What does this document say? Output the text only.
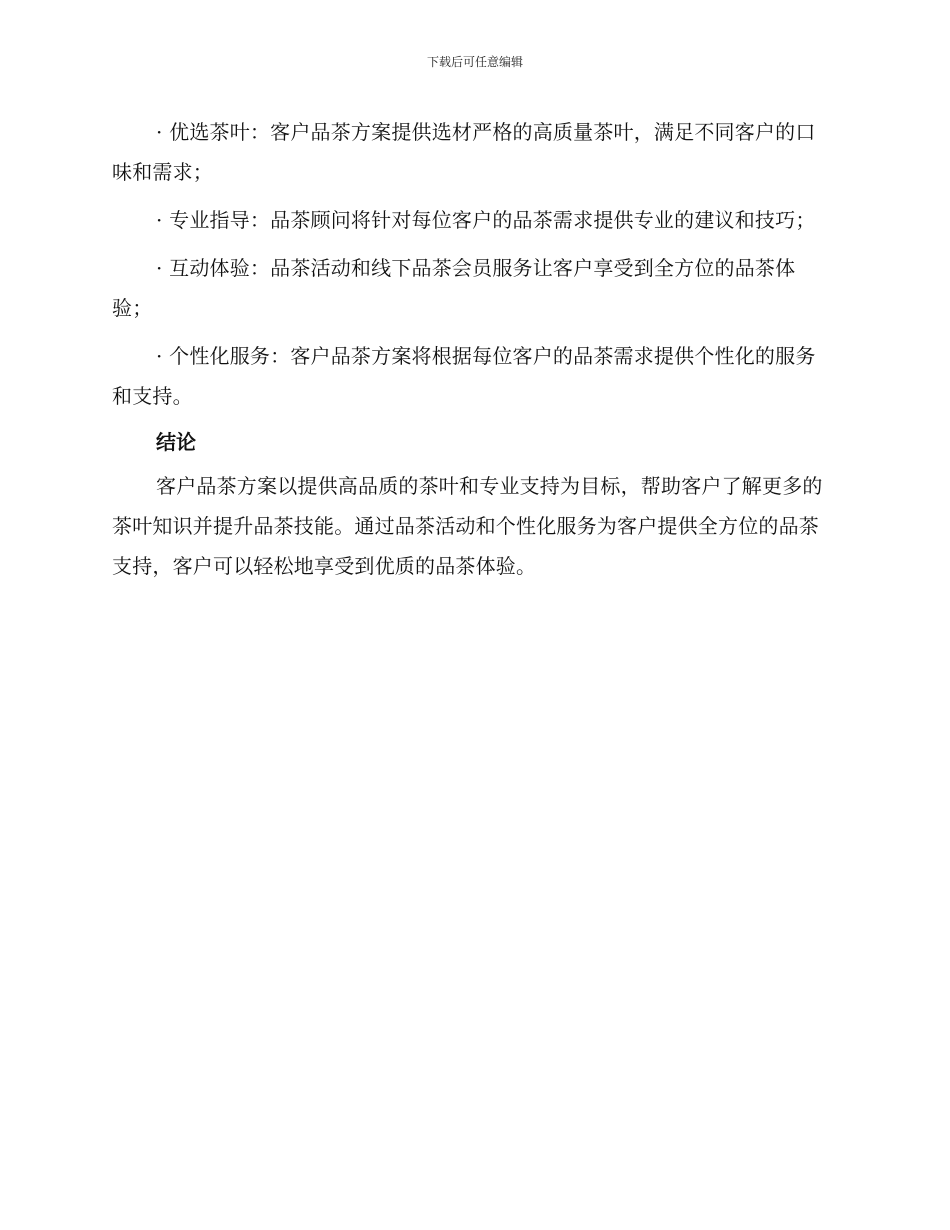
下载后可任意编辑

· 优选茶叶：客户品茶方案提供选材严格的高质量茶叶，满足不同客户的口味和需求；

· 专业指导：品茶顾问将针对每位客户的品茶需求提供专业的建议和技巧；

· 互动体验：品茶活动和线下品茶会员服务让客户享受到全方位的品茶体验；

· 个性化服务：客户品茶方案将根据每位客户的品茶需求提供个性化的服务和支持。

结论

客户品茶方案以提供高品质的茶叶和专业支持为目标，帮助客户了解更多的茶叶知识并提升品茶技能。通过品茶活动和个性化服务为客户提供全方位的品茶支持，客户可以轻松地享受到优质的品茶体验。
